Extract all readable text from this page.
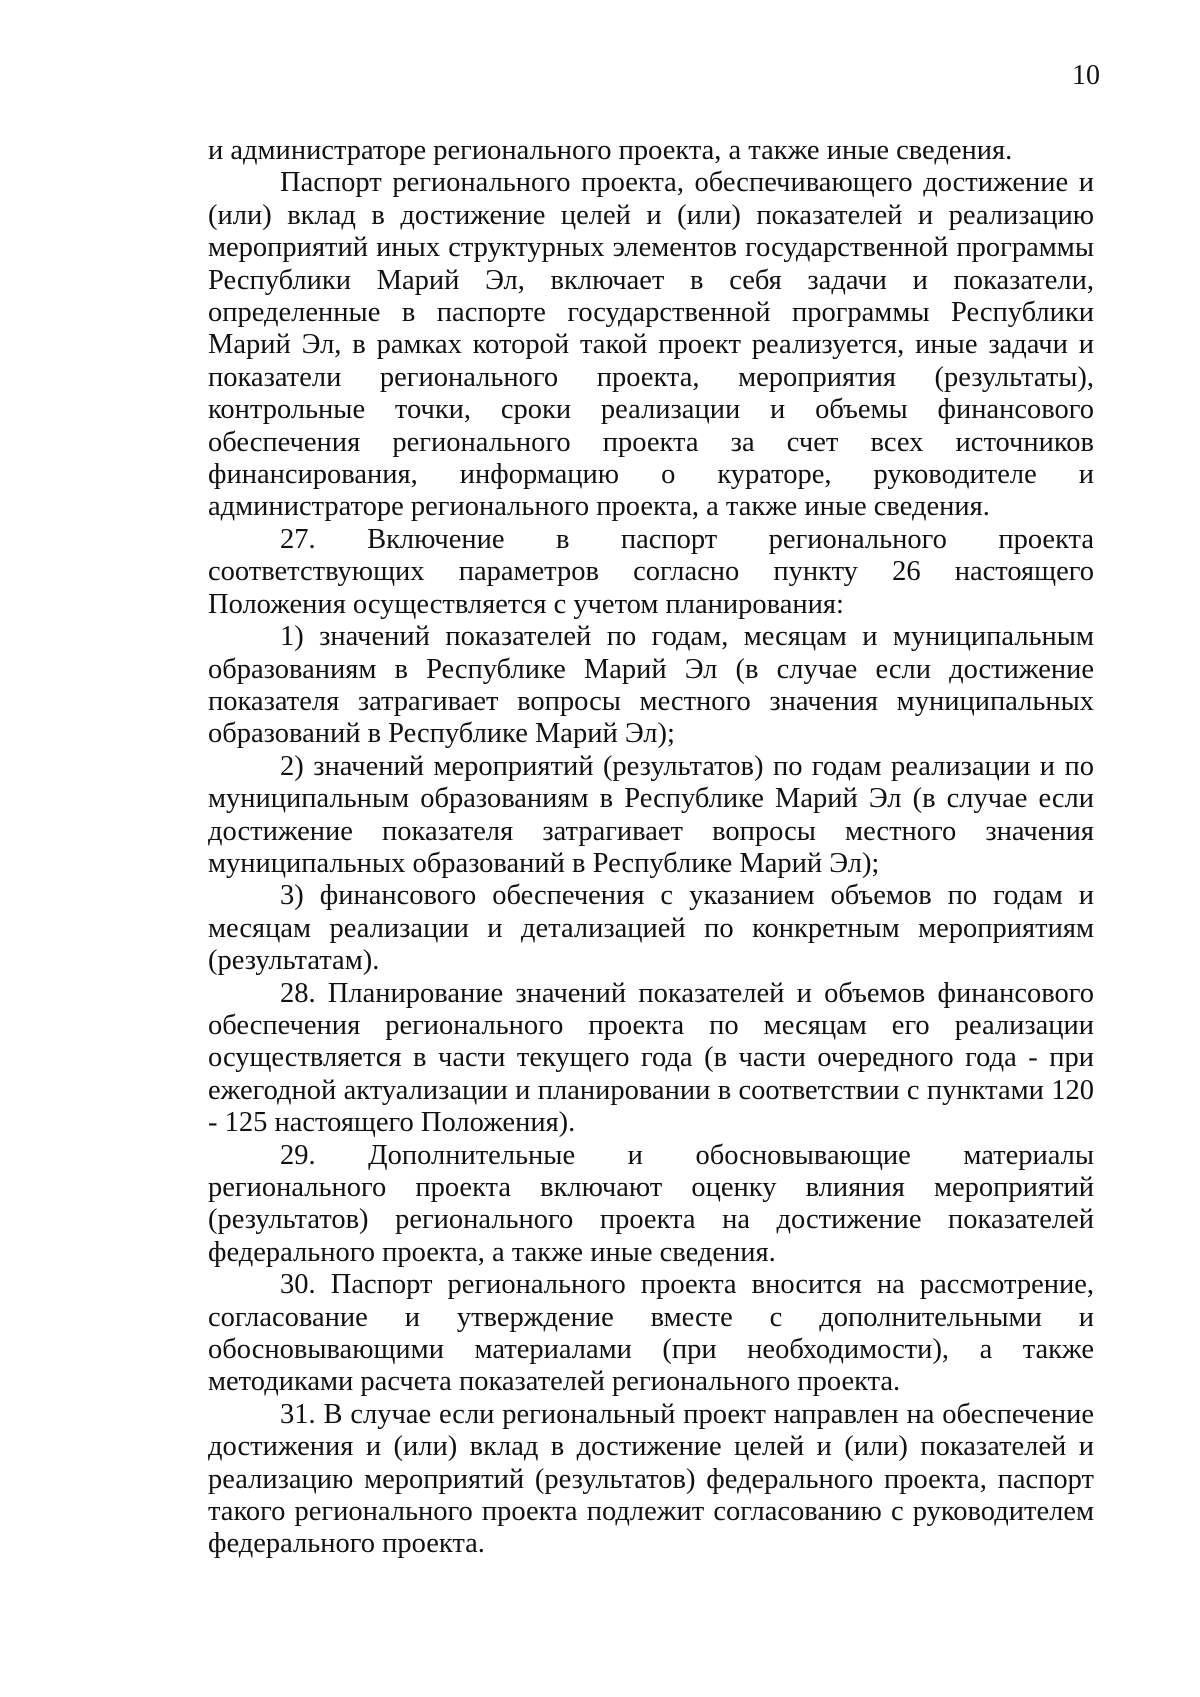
10

и администраторе регионального проекта, а также иные сведения.

Паспорт регионального проекта, обеспечивающего достижение и (или) вклад в достижение целей и (или) показателей и реализацию мероприятий иных структурных элементов государственной программы Республики Марий Эл, включает в себя задачи и показатели, определенные в паспорте государственной программы Республики Марий Эл, в рамках которой такой проект реализуется, иные задачи и показатели регионального проекта, мероприятия (результаты), контрольные точки, сроки реализации и объемы финансового обеспечения регионального проекта за счет всех источников финансирования, информацию о кураторе, руководителе и администраторе регионального проекта, а также иные сведения.

27. Включение в паспорт регионального проекта соответствующих параметров согласно пункту 26 настоящего Положения осуществляется с учетом планирования:

1) значений показателей по годам, месяцам и муниципальным образованиям в Республике Марий Эл (в случае если достижение показателя затрагивает вопросы местного значения муниципальных образований в Республике Марий Эл);

2) значений мероприятий (результатов) по годам реализации и по муниципальным образованиям в Республике Марий Эл (в случае если достижение показателя затрагивает вопросы местного значения муниципальных образований в Республике Марий Эл);

3) финансового обеспечения с указанием объемов по годам и месяцам реализации и детализацией по конкретным мероприятиям (результатам).

28. Планирование значений показателей и объемов финансового обеспечения регионального проекта по месяцам его реализации осуществляется в части текущего года (в части очередного года - при ежегодной актуализации и планировании в соответствии с пунктами 120 - 125 настоящего Положения).

29. Дополнительные и обосновывающие материалы регионального проекта включают оценку влияния мероприятий (результатов) регионального проекта на достижение показателей федерального проекта, а также иные сведения.

30. Паспорт регионального проекта вносится на рассмотрение, согласование и утверждение вместе с дополнительными и обосновывающими материалами (при необходимости), а также методиками расчета показателей регионального проекта.

31. В случае если региональный проект направлен на обеспечение достижения и (или) вклад в достижение целей и (или) показателей и реализацию мероприятий (результатов) федерального проекта, паспорт такого регионального проекта подлежит согласованию с руководителем федерального проекта.
